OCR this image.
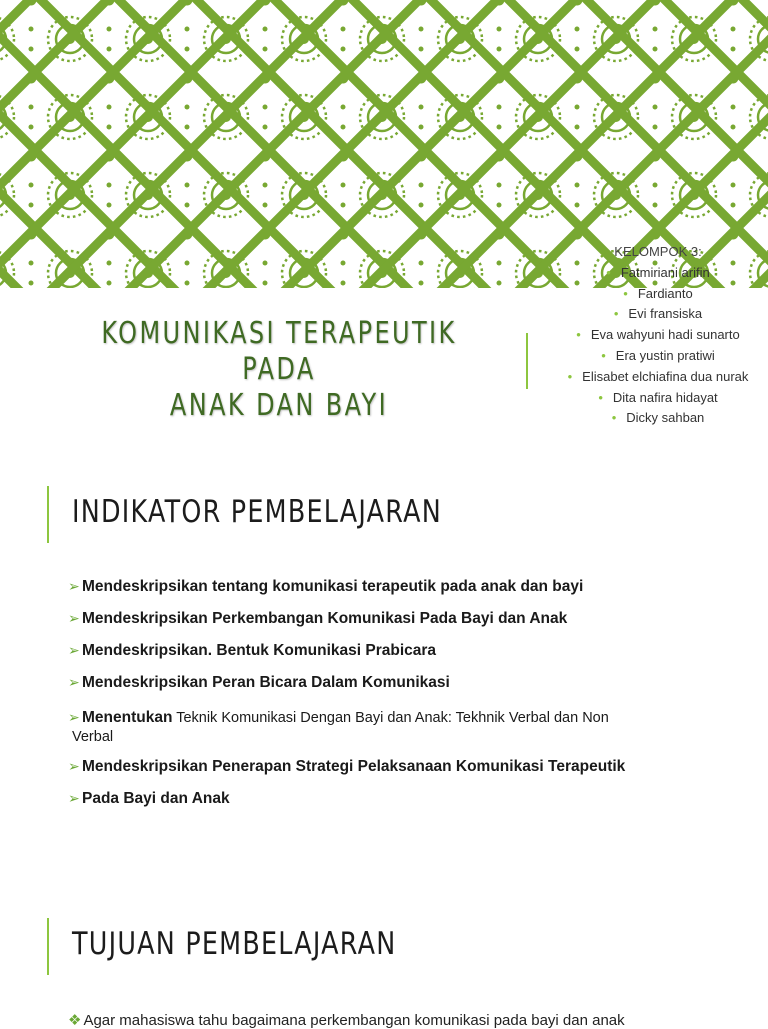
KOMUNIKASI TERAPEUTIK PADA
ANAK DAN BAYI
KELOMPOK 3:
• Fatmiriani arifin
• Fardianto
• Evi fransiska
• Eva wahyuni hadi sunarto
• Era yustin pratiwi
• Elisabet elchiafina dua nurak
• Dita nafira hidayat
• Dicky sahban
INDIKATOR PEMBELAJARAN
➢ Mendeskripsikan tentang komunikasi terapeutik pada anak dan bayi
➢ Mendeskripsikan Perkembangan Komunikasi Pada Bayi dan Anak
➢ Mendeskripsikan. Bentuk Komunikasi Prabicara
➢ Mendeskripsikan Peran Bicara Dalam Komunikasi
➢ Menentukan Teknik Komunikasi Dengan Bayi dan Anak: Tekhnik Verbal dan Non
Verbal
➢ Mendeskripsikan Penerapan Strategi Pelaksanaan Komunikasi Terapeutik
➢ Pada Bayi dan Anak
TUJUAN PEMBELAJARAN
❖ Agar mahasiswa tahu bagaimana perkembangan komunikasi pada bayi dan anak
